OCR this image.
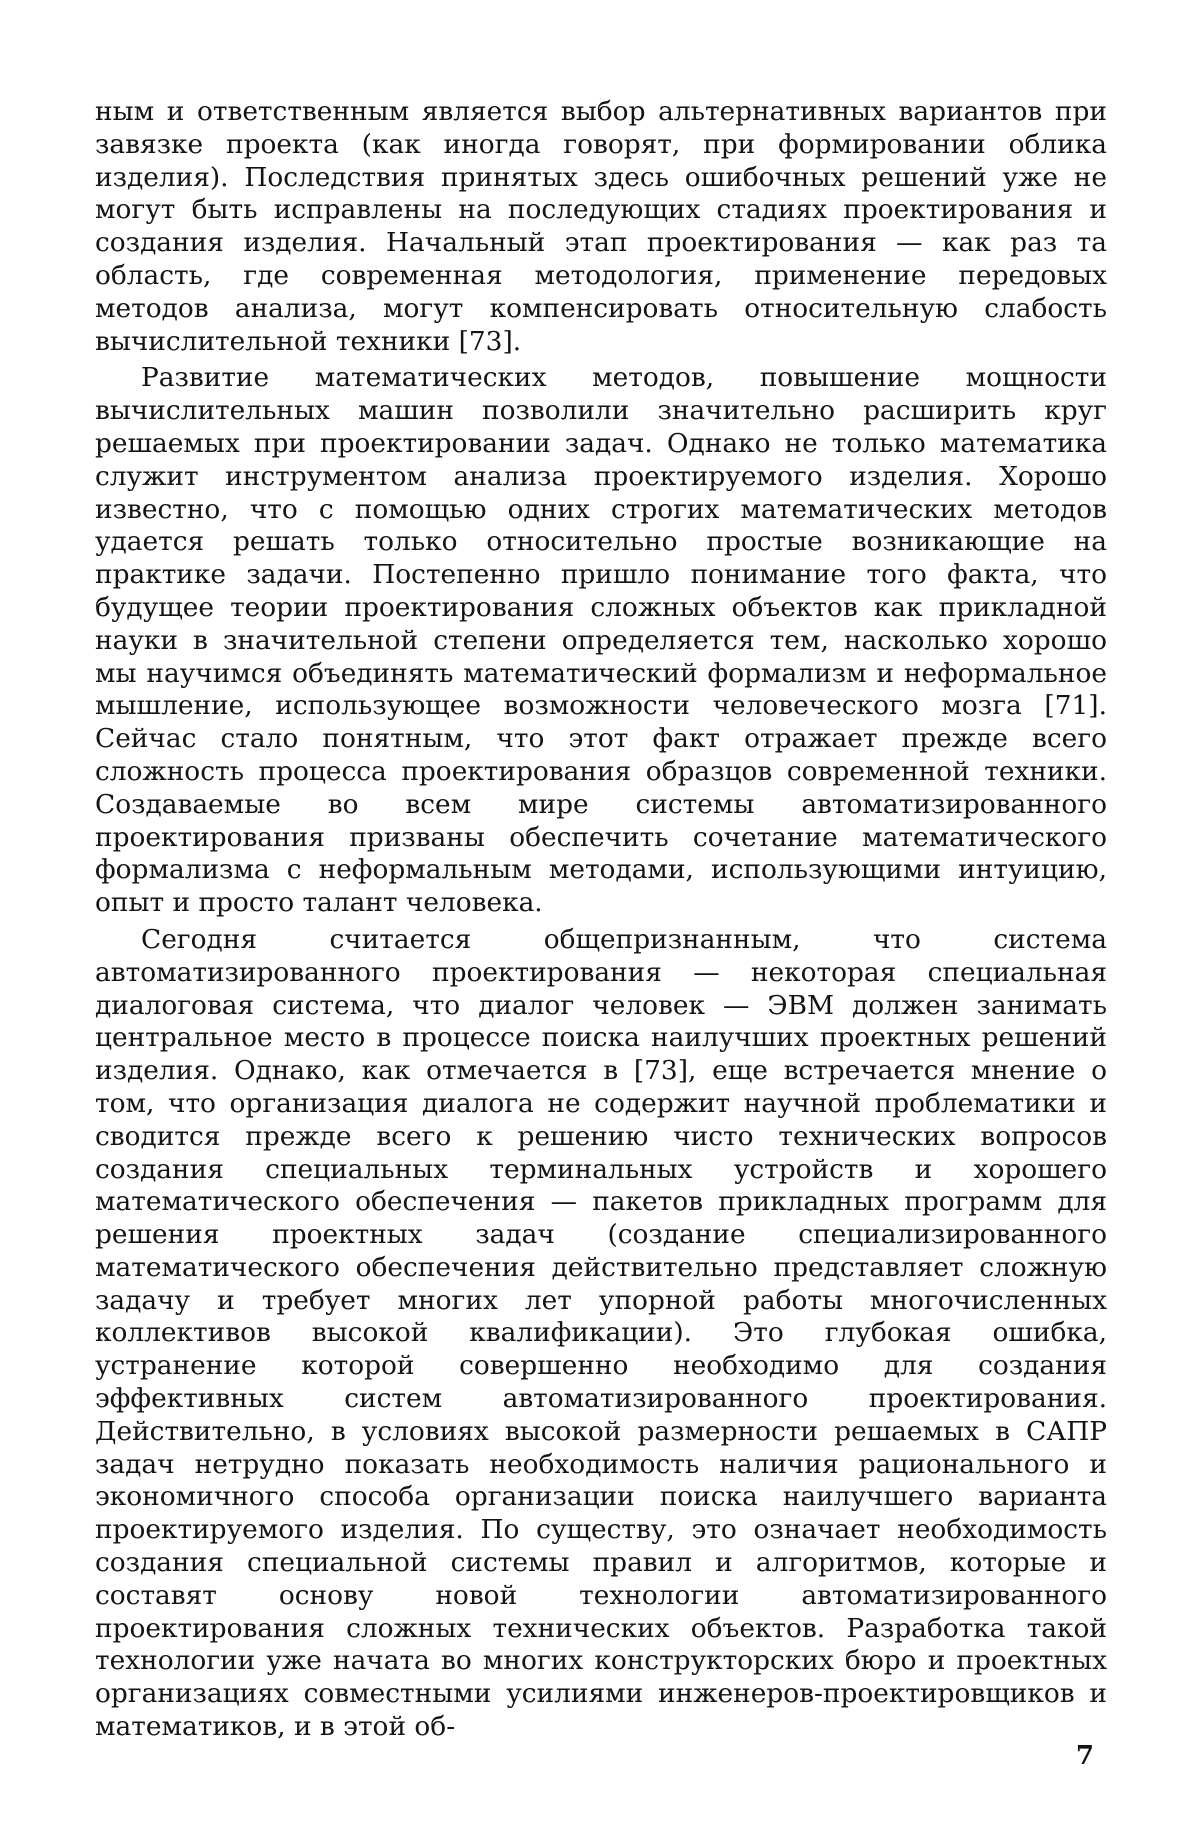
ным и ответственным является выбор альтернативных вариантов при завязке проекта (как иногда говорят, при формировании облика изделия). Последствия принятых здесь ошибочных решений уже не могут быть исправлены на последующих стадиях проектирования и создания изделия. Начальный этап проектирования — как раз та область, где современная методология, применение передовых методов анализа, могут компенсировать относительную слабость вычислительной техники [73].

Развитие математических методов, повышение мощности вычислительных машин позволили значительно расширить круг решаемых при проектировании задач. Однако не только математика служит инструментом анализа проектируемого изделия. Хорошо известно, что с помощью одних строгих математических методов удается решать только относительно простые возникающие на практике задачи. Постепенно пришло понимание того факта, что будущее теории проектирования сложных объектов как прикладной науки в значительной степени определяется тем, насколько хорошо мы научимся объединять математический формализм и неформальное мышление, использующее возможности человеческого мозга [71]. Сейчас стало понятным, что этот факт отражает прежде всего сложность процесса проектирования образцов современной техники. Создаваемые во всем мире системы автоматизированного проектирования призваны обеспечить сочетание математического формализма с неформальным методами, использующими интуицию, опыт и просто талант человека.

Сегодня считается общепризнанным, что система автоматизированного проектирования — некоторая специальная диалоговая система, что диалог человек — ЭВМ должен занимать центральное место в процессе поиска наилучших проектных решений изделия. Однако, как отмечается в [73], еще встречается мнение о том, что организация диалога не содержит научной проблематики и сводится прежде всего к решению чисто технических вопросов создания специальных терминальных устройств и хорошего математического обеспечения — пакетов прикладных программ для решения проектных задач (создание специализированного математического обеспечения действительно представляет сложную задачу и требует многих лет упорной работы многочисленных коллективов высокой квалификации). Это глубокая ошибка, устранение которой совершенно необходимо для создания эффективных систем автоматизированного проектирования. Действительно, в условиях высокой размерности решаемых в САПР задач нетрудно показать необходимость наличия рационального и экономичного способа организации поиска наилучшего варианта проектируемого изделия. По существу, это означает необходимость создания специальной системы правил и алгоритмов, которые и составят основу новой технологии автоматизированного проектирования сложных технических объектов. Разработка такой технологии уже начата во многих конструкторских бюро и проектных организациях совместными усилиями инженеров-проектировщиков и математиков, и в этой об-

7
